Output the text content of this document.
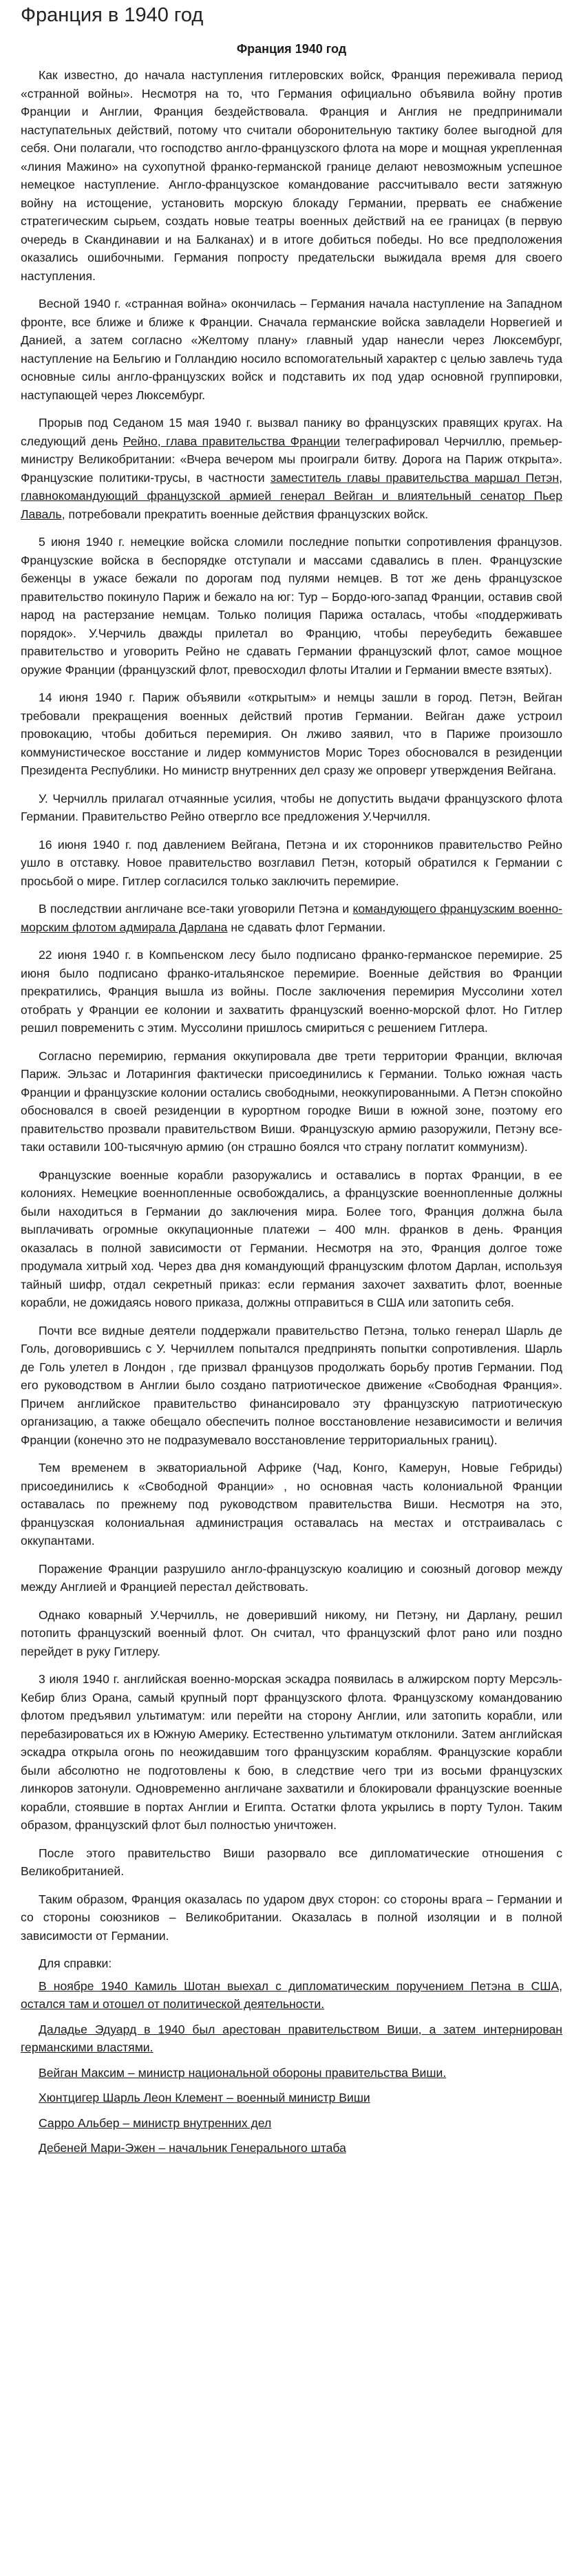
Франция в 1940 год
Франция 1940 год

Как известно, до начала наступления гитлеровских войск, Франция переживала период «странной войны». Несмотря на то, что Германия официально объявила войну против Франции и Англии, Франция бездействовала. Франция и Англия не предпринимали наступательных действий, потому что считали оборонительную тактику более выгодной для себя. Они полагали, что господство англо-французского флота на море и мощная укрепленная «линия Мажино» на сухопутной франко-германской границе делают невозможным успешное немецкое наступление. Англо-французское командование рассчитывало вести затяжную войну на истощение, установить морскую блокаду Германии, прервать ее снабжение стратегическим сырьем, создать новые театры военных действий на ее границах (в первую очередь в Скандинавии и на Балканах) и в итоге добиться победы. Но все предположения оказались ошибочными. Германия попросту предательски выжидала время для своего наступления.

Весной 1940 г. «странная война» окончилась – Германия начала наступление на Западном фронте, все ближе и ближе к Франции. Сначала германские войска завладели Норвегией и Данией, а затем согласно «Желтому плану» главный удар нанесли через Люксембург, наступление на Бельгию и Голландию носило вспомогательный характер с целью завлечь туда основные силы англо-французских войск и подставить их под удар основной группировки, наступающей через Люксембург.

Прорыв под Седаном 15 мая 1940 г. вызвал панику во французских правящих кругах. На следующий день Рейно, глава правительства Франции телеграфировал Черчиллю, премьер-министру Великобритании: «Вчера вечером мы проиграли битву. Дорога на Париж открыта». Французские политики-трусы, в частности заместитель главы правительства маршал Петэн, главнокомандующий французской армией генерал Вейган и влиятельный сенатор Пьер Лаваль, потребовали прекратить военные действия французских войск.

5 июня 1940 г. немецкие войска сломили последние попытки сопротивления французов. Французские войска в беспорядке отступали и массами сдавались в плен. Французские беженцы в ужасе бежали по дорогам под пулями немцев. В тот же день французское правительство покинуло Париж и бежало на юг: Тур – Бордо-юго-запад Франции, оставив свой народ на растерзание немцам. Только полиция Парижа осталась, чтобы «поддерживать порядок». У.Черчиль дважды прилетал во Францию, чтобы переубедить бежавшее правительство и уговорить Рейно не сдавать Германии французский флот, самое мощное оружие Франции (французский флот, превосходил флоты Италии и Германии вместе взятых).

14 июня 1940 г. Париж объявили «открытым» и немцы зашли в город. Петэн, Вейган требовали прекращения военных действий против Германии. Вейган даже устроил провокацию, чтобы добиться перемирия. Он лживо заявил, что в Париже произошло коммунистическое восстание и лидер коммунистов Морис Торез обосновался в резиденции Президента Республики. Но министр внутренних дел сразу же опроверг утверждения Вейгана.

У. Черчилль прилагал отчаянные усилия, чтобы не допустить выдачи французского флота Германии. Правительство Рейно отвергло все предложения У.Черчилля.

16 июня 1940 г. под давлением Вейгана, Петэна и их сторонников правительство Рейно ушло в отставку. Новое правительство возглавил Петэн, который обратился к Германии с просьбой о мире. Гитлер согласился только заключить перемирие.

В последствии англичане все-таки уговорили Петэна и командующего французским военно-морским флотом адмирала Дарлана не сдавать флот Германии.

22 июня 1940 г. в Компьенском лесу было подписано франко-германское перемирие. 25 июня было подписано франко-итальянское перемирие. Военные действия во Франции прекратились, Франция вышла из войны. После заключения перемирия Муссолини хотел отобрать у Франции ее колонии и захватить французский военно-морской флот. Но Гитлер решил повременить с этим. Муссолини пришлось смириться с решением Гитлера.

Согласно перемирию, германия оккупировала две трети территории Франции, включая Париж. Эльзас и Лотарингия фактически присоединились к Германии. Только южная часть Франции и французские колонии остались свободными, неоккупированными. А Петэн спокойно обосновался в своей резиденции в курортном городке Виши в южной зоне, поэтому его правительство прозвали правительством Виши. Французскую армию разоружили, Петэну все-таки оставили 100-тысячную армию (он страшно боялся что страну поглатит коммунизм).

Французские военные корабли разоружались и оставались в портах Франции, в ее колониях. Немецкие военнопленные освобождались, а французские военнопленные должны были находиться в Германии до заключения мира. Более того, Франция должна была выплачивать огромные оккупационные платежи – 400 млн. франков в день. Франция оказалась в полной зависимости от Германии. Несмотря на это, Франция долгое тоже продумала хитрый ход. Через два дня командующий французским флотом Дарлан, используя тайный шифр, отдал секретный приказ: если германия захочет захватить флот, военные корабли, не дожидаясь нового приказа, должны отправиться в США или затопить себя.

Почти все видные деятели поддержали правительство Петэна, только генерал Шарль де Голь, договорившись с У. Черчиллем попытался предпринять попытки сопротивления. Шарль де Голь улетел в Лондон , где призвал французов продолжать борьбу против Германии. Под его руководством в Англии было создано патриотическое движение «Свободная Франция». Причем английское правительство финансировало эту французскую патриотическую организацию, а также обещало обеспечить полное восстановление независимости и величия Франции (конечно это не подразумевало восстановление территориальных границ).

Тем временем в экваториальной Африке (Чад, Конго, Камерун, Новые Гебриды) присоединились к «Свободной Франции» , но основная часть колониальной Франции оставалась по прежнему под руководством правительства Виши. Несмотря на это, французская колониальная администрация оставалась на местах и отстраивалась с оккупантами.

Поражение Франции разрушило англо-французскую коалицию и союзный договор между между Англией и Францией перестал действовать.

Однако коварный У.Черчилль, не доверивший никому, ни Петэну, ни Дарлану, решил потопить французский военный флот. Он считал, что французский флот рано или поздно перейдет в руку Гитлеру.

3 июля 1940 г. английская военно-морская эскадра появилась в алжирском порту Мерсэль-Кебир близ Орана, самый крупный порт французского флота. Французскому командованию флотом предъявил ультиматум: или перейти на сторону Англии, или затопить корабли, или перебазироваться их в Южную Америку. Естественно ультиматум отклонили. Затем английская эскадра открыла огонь по неожидавшим того французским кораблям. Французские корабли были абсолютно не подготовлены к бою, в следствие чего три из восьми французских линкоров затонули. Одновременно англичане захватили и блокировали французские военные корабли, стоявшие в портах Англии и Египта. Остатки флота укрылись в порту Тулон. Таким образом, французский флот был полностью уничтожен.

После этого правительство Виши разорвало все дипломатические отношения с Великобританией.

Таким образом, Франция оказалась по ударом двух сторон: со стороны врага – Германии и со стороны союзников – Великобритании. Оказалась в полной изоляции и в полной зависимости от Германии.

Для справки:
В ноябре 1940 Камиль Шотан выехал с дипломатическим поручением Петэна в США, остался там и отошел от политической деятельности.
Даладье Эдуард в 1940 был арестован правительством Виши, а затем интернирован германскими властями.
Вейган Максим – министр национальной обороны правительства Виши.
Хюнтцигер Шарль Леон Клемент – военный министр Виши
Сарро Альбер – министр внутренних дел
Дебеней Мари-Эжен – начальник Генерального штаба
